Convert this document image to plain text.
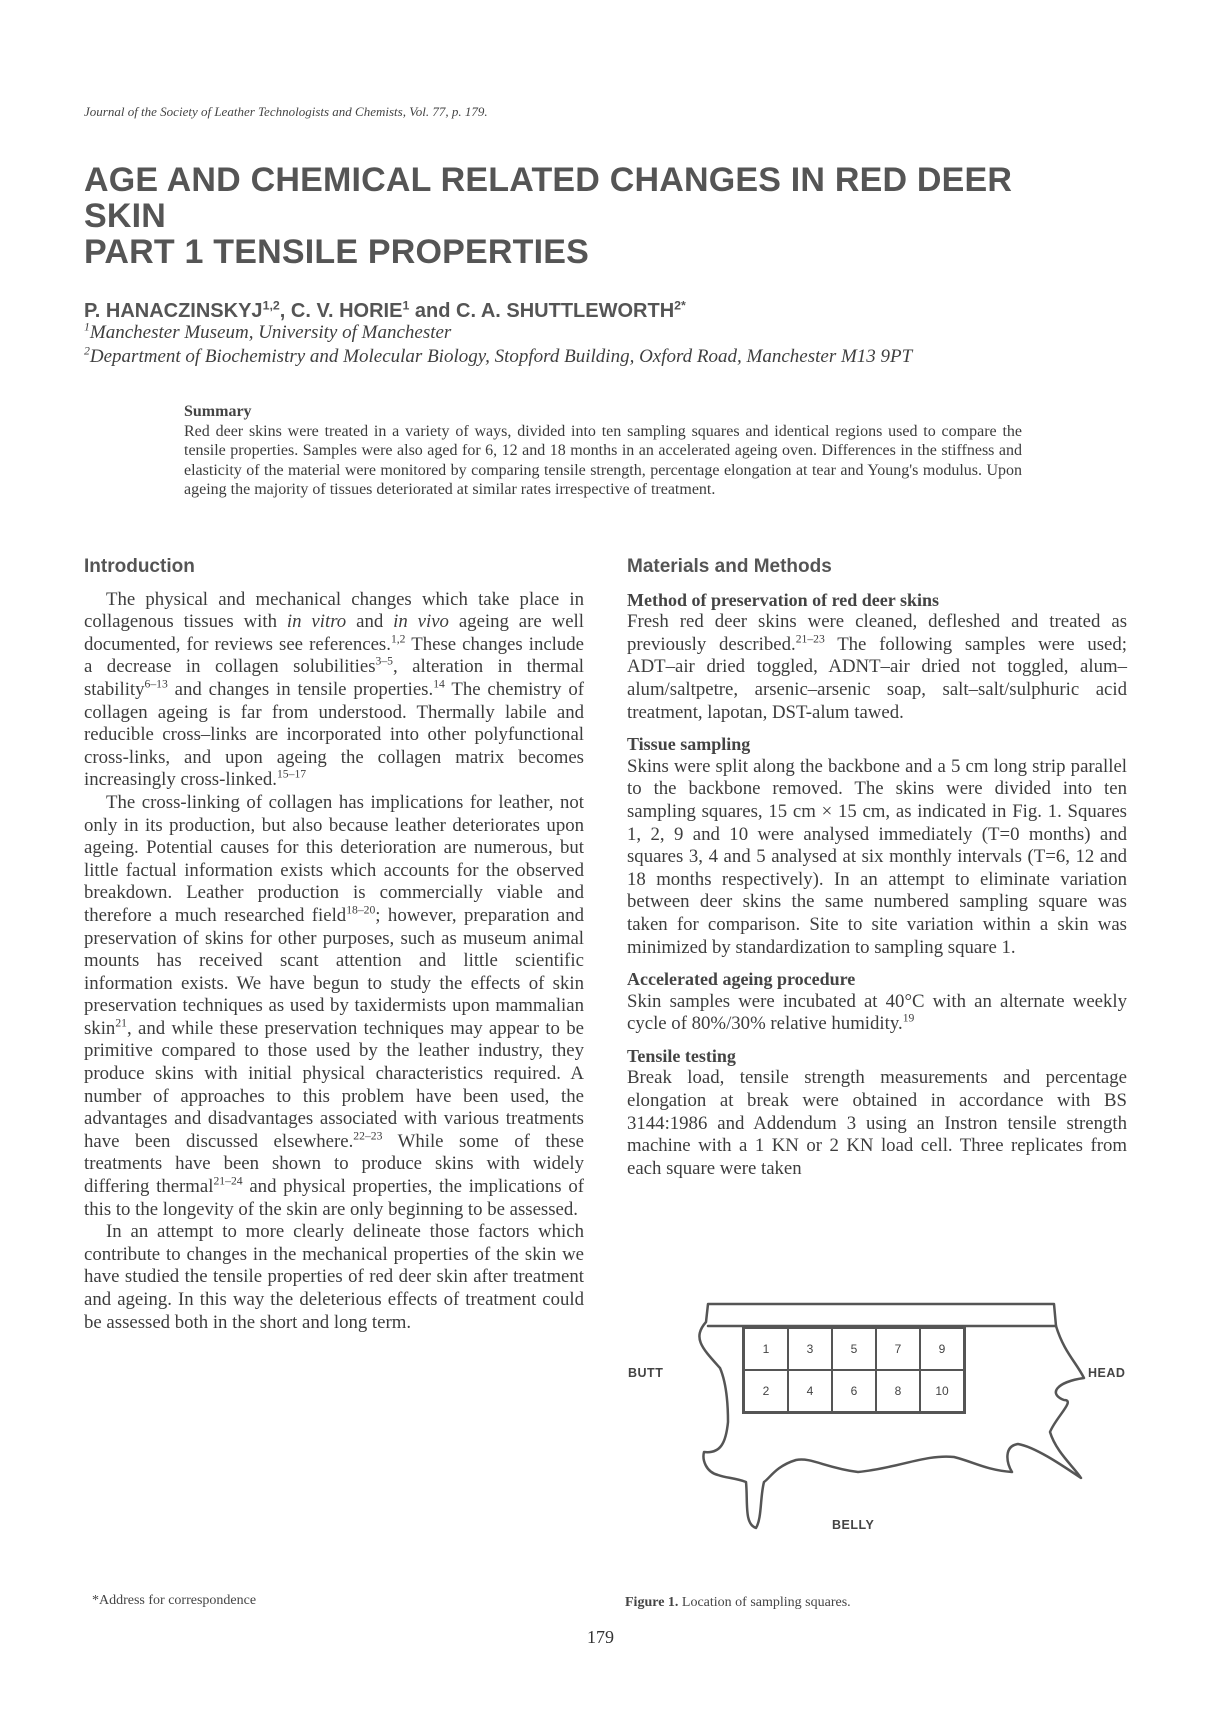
Journal of the Society of Leather Technologists and Chemists, Vol. 77, p. 179.
AGE AND CHEMICAL RELATED CHANGES IN RED DEER
SKIN
PART 1 TENSILE PROPERTIES
P. HANACZINSKYJ$^{1,2}$, C. V. HORIE$^1$ and C. A. $SHUTTLEWORTH^{2*}$
$^1$Manchester Museum, University of Manchester
$^2$Department of Biochemistry and Molecular Biology, Stopford Building, Oxford Road, Manchester M13 9PT
Summary

Red deer skins were treated in a variety of ways, divided into ten sampling squares and identical regions used to compare the tensile properties. Samples were also aged for 6, 12 and 18 months in an accelerated ageing oven. Differences in the stiffness and elasticity of the material were monitored by comparing tensile strength, percentage elongation at tear and Young's modulus. Upon ageing the majority of tissues deteriorated at similar rates irrespective of treatment.

Introduction

The physical and mechanical changes which take place in collagenous tissues with in vitro and in vivo ageing are well documented, for reviews see references.$^{1,2}$ These changes include a decrease in collagen solubilities$^{3-5}$, alteration in thermal stability$^{6-13}$ and changes in tensile properties.$^{14}$ The chemistry of collagen ageing is far from understood. Thermally labile and reducible cross–links are incorporated into other polyfunctional cross-links, and upon ageing the collagen matrix becomes increasingly cross-linked.$^{15-17}$

The cross-linking of collagen has implications for leather, not only in its production, but also because leather deteriorates upon ageing. Potential causes for this deterioration are numerous, but little factual information exists which accounts for the observed breakdown. Leather production is commercially viable and therefore a much researched field$^{18-20}$; however, preparation and preservation of skins for other purposes, such as museum animal mounts has received scant attention and little scientific information exists. We have begun to study the effects of skin preservation techniques as used by taxidermists upon mammalian skin$^{21}$, and while these preservation techniques may appear to be primitive compared to those used by the leather industry, they produce skins with initial physical characteristics required. A number of approaches to this problem have been used, the advantages and disadvantages associated with various treatments have been discussed elsewhere.$^{22-23}$ While some of these treatments have been shown to produce skins with widely differing thermal$^{21-24}$ and physical properties, the implications of this to the longevity of the skin are only beginning to be assessed.

In an attempt to more clearly delineate those factors which contribute to changes in the mechanical properties of the skin we have studied the tensile properties of red deer skin after treatment and ageing. In this way the deleterious effects of treatment could be assessed both in the short and long term.

Materials and Methods
Method of preservation of red deer skins

Fresh red deer skins were cleaned, defleshed and treated as previously described.$^{21-23}$ The following samples were used; ADT–air dried toggled, ADNT–air dried not toggled, alum–alum/saltpetre, arsenic–arsenic soap, salt–salt/sulphuric acid treatment, lapotan, DST-alum tawed.

Tissue sampling

Skins were split along the backbone and a 5 cm long strip parallel to the backbone removed. The skins were divided into ten sampling squares, 15 cm × 15 cm, as indicated in Fig. 1. Squares 1, 2, 9 and 10 were analysed immediately (T=0 months) and squares 3, 4 and 5 analysed at six monthly intervals (T=6, 12 and 18 months respectively). In an attempt to eliminate variation between deer skins the same numbered sampling square was taken for comparison. Site to site variation within a skin was minimized by standardization to sampling square 1.

Accelerated ageing procedure

Skin samples were incubated at 40°C with an alternate weekly cycle of 80%/30% relative humidity.$^{19}$

Tensile testing

Break load, tensile strength measurements and percentage elongation at break were obtained in accordance with BS 3144:1986 and Addendum 3 using an Instron tensile strength machine with a 1 KN or 2 KN load cell. Three replicates from each square were taken

1	3	5	7	9
2	4	6	8	10
BUTT	HEAD
BELLY
*Address for correspondence	Figure 1. Location of sampling squares.
179
